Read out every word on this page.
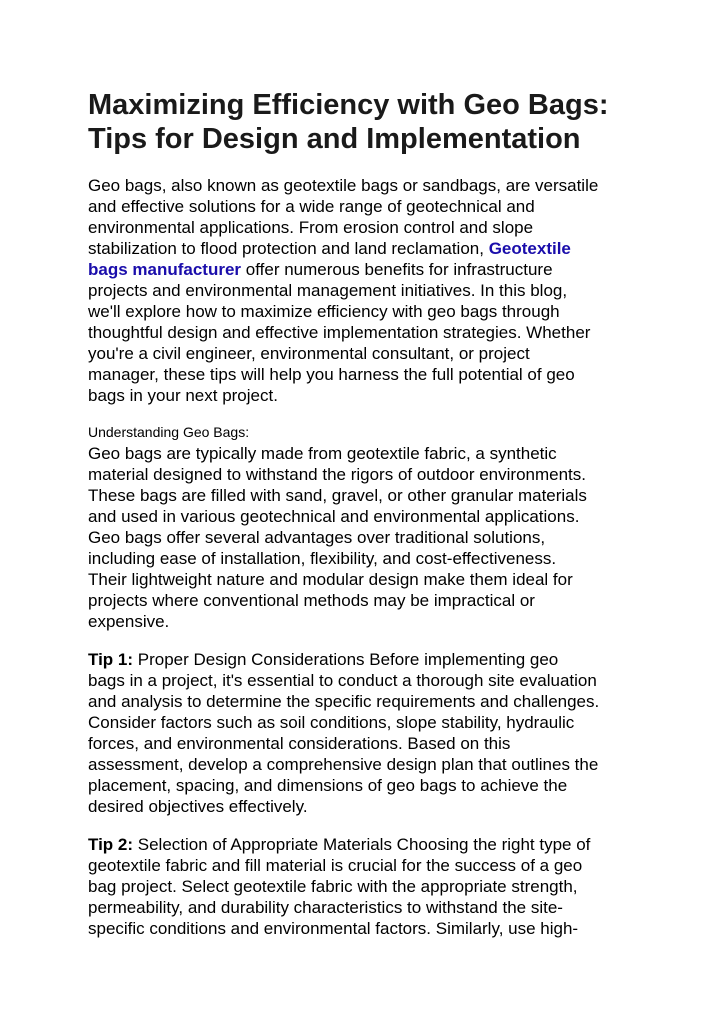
Maximizing Efficiency with Geo Bags:
Tips for Design and Implementation
Geo bags, also known as geotextile bags or sandbags, are versatile
and effective solutions for a wide range of geotechnical and
environmental applications. From erosion control and slope
stabilization to flood protection and land reclamation, Geotextile
bags manufacturer offer numerous benefits for infrastructure
projects and environmental management initiatives. In this blog,
we'll explore how to maximize efficiency with geo bags through
thoughtful design and effective implementation strategies. Whether
you're a civil engineer, environmental consultant, or project
manager, these tips will help you harness the full potential of geo
bags in your next project.
Understanding Geo Bags:
Geo bags are typically made from geotextile fabric, a synthetic
material designed to withstand the rigors of outdoor environments.
These bags are filled with sand, gravel, or other granular materials
and used in various geotechnical and environmental applications.
Geo bags offer several advantages over traditional solutions,
including ease of installation, flexibility, and cost-effectiveness.
Their lightweight nature and modular design make them ideal for
projects where conventional methods may be impractical or
expensive.
Tip 1: Proper Design Considerations Before implementing geo
bags in a project, it's essential to conduct a thorough site evaluation
and analysis to determine the specific requirements and challenges.
Consider factors such as soil conditions, slope stability, hydraulic
forces, and environmental considerations. Based on this
assessment, develop a comprehensive design plan that outlines the
placement, spacing, and dimensions of geo bags to achieve the
desired objectives effectively.
Tip 2: Selection of Appropriate Materials Choosing the right type of
geotextile fabric and fill material is crucial for the success of a geo
bag project. Select geotextile fabric with the appropriate strength,
permeability, and durability characteristics to withstand the site-
specific conditions and environmental factors. Similarly, use high-
